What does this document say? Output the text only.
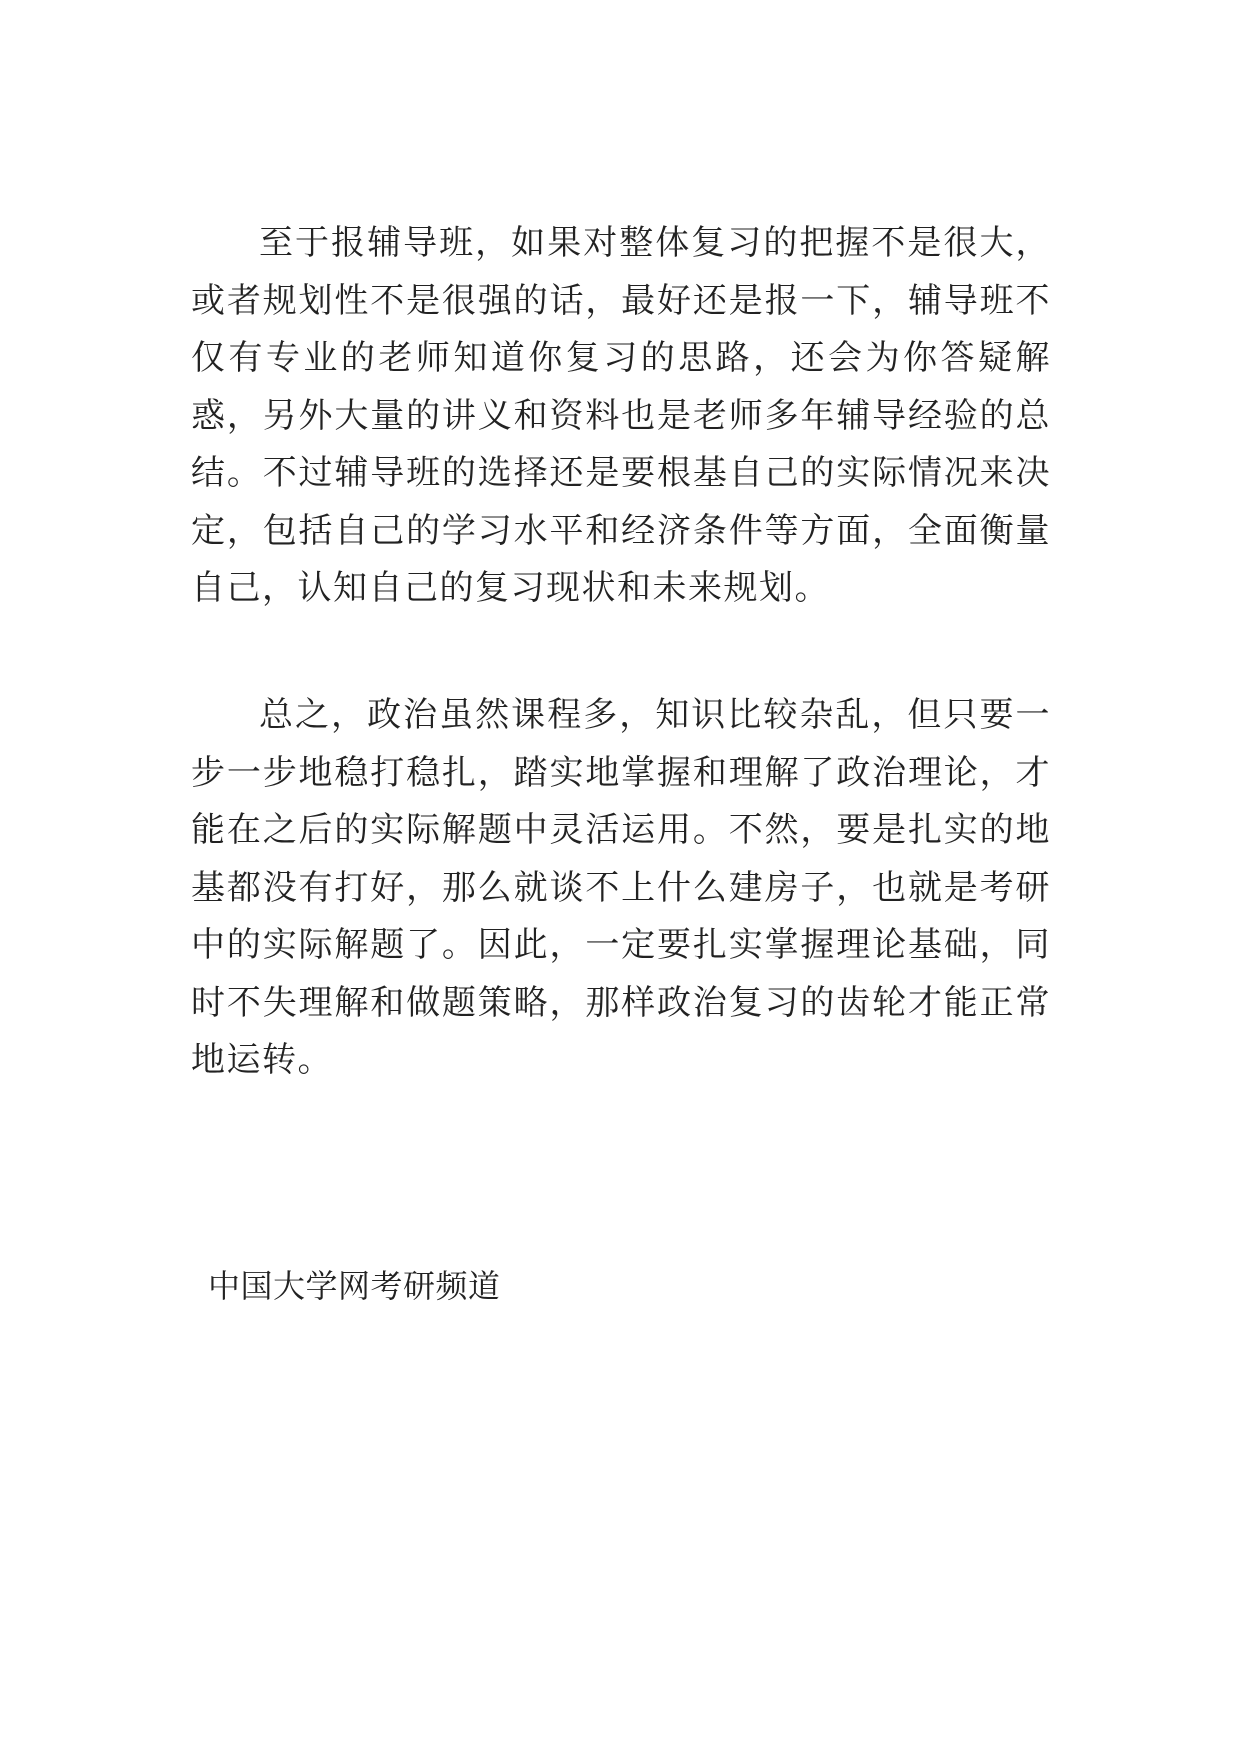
至于报辅导班，如果对整体复习的把握不是很大，或者规划性不是很强的话，最好还是报一下，辅导班不仅有专业的老师知道你复习的思路，还会为你答疑解惑，另外大量的讲义和资料也是老师多年辅导经验的总结。不过辅导班的选择还是要根基自己的实际情况来决定，包括自己的学习水平和经济条件等方面，全面衡量自己，认知自己的复习现状和未来规划。

总之，政治虽然课程多，知识比较杂乱，但只要一步一步地稳打稳扎，踏实地掌握和理解了政治理论，才能在之后的实际解题中灵活运用。不然，要是扎实的地基都没有打好，那么就谈不上什么建房子，也就是考研中的实际解题了。因此，一定要扎实掌握理论基础，同时不失理解和做题策略，那样政治复习的齿轮才能正常地运转。

中国大学网考研频道
